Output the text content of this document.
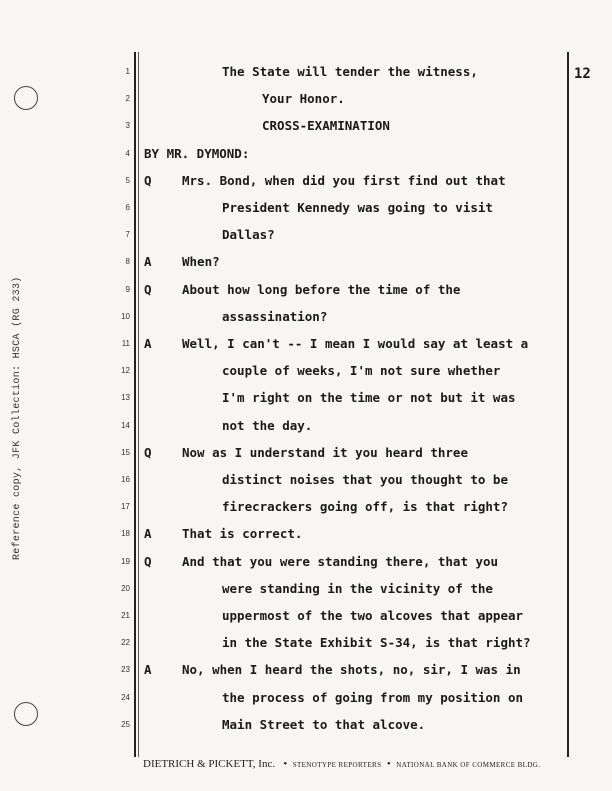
Reference copy, JFK Collection: HSCA (RG 233)
12
1	The State will tender the witness,
2	Your Honor.
3	CROSS-EXAMINATION
4 BY MR. DYMOND:
5 Q Mrs. Bond, when did you first find out that
6	President Kennedy was going to visit
7	Dallas?
8 A When?
9 Q About how long before the time of the
10	assassination?
11 A Well, I can't -- I mean I would say at least a
12	couple of weeks, I'm not sure whether
13	I'm right on the time or not but it was
14	not the day.
15 Q Now as I understand it you heard three
16	distinct noises that you thought to be
17	firecrackers going off, is that right?
18 A That is correct.
19 Q And that you were standing there, that you
20	were standing in the vicinity of the
21	uppermost of the two alcoves that appear
22	in the State Exhibit S-34, is that right?
23 A No, when I heard the shots, no, sir, I was in
24	the process of going from my position on
25	Main Street to that alcove.
DIETRICH & PICKETT, Inc.   •  STENOTYPE REPORTERS  •  NATIONAL BANK OF COMMERCE BLDG.
